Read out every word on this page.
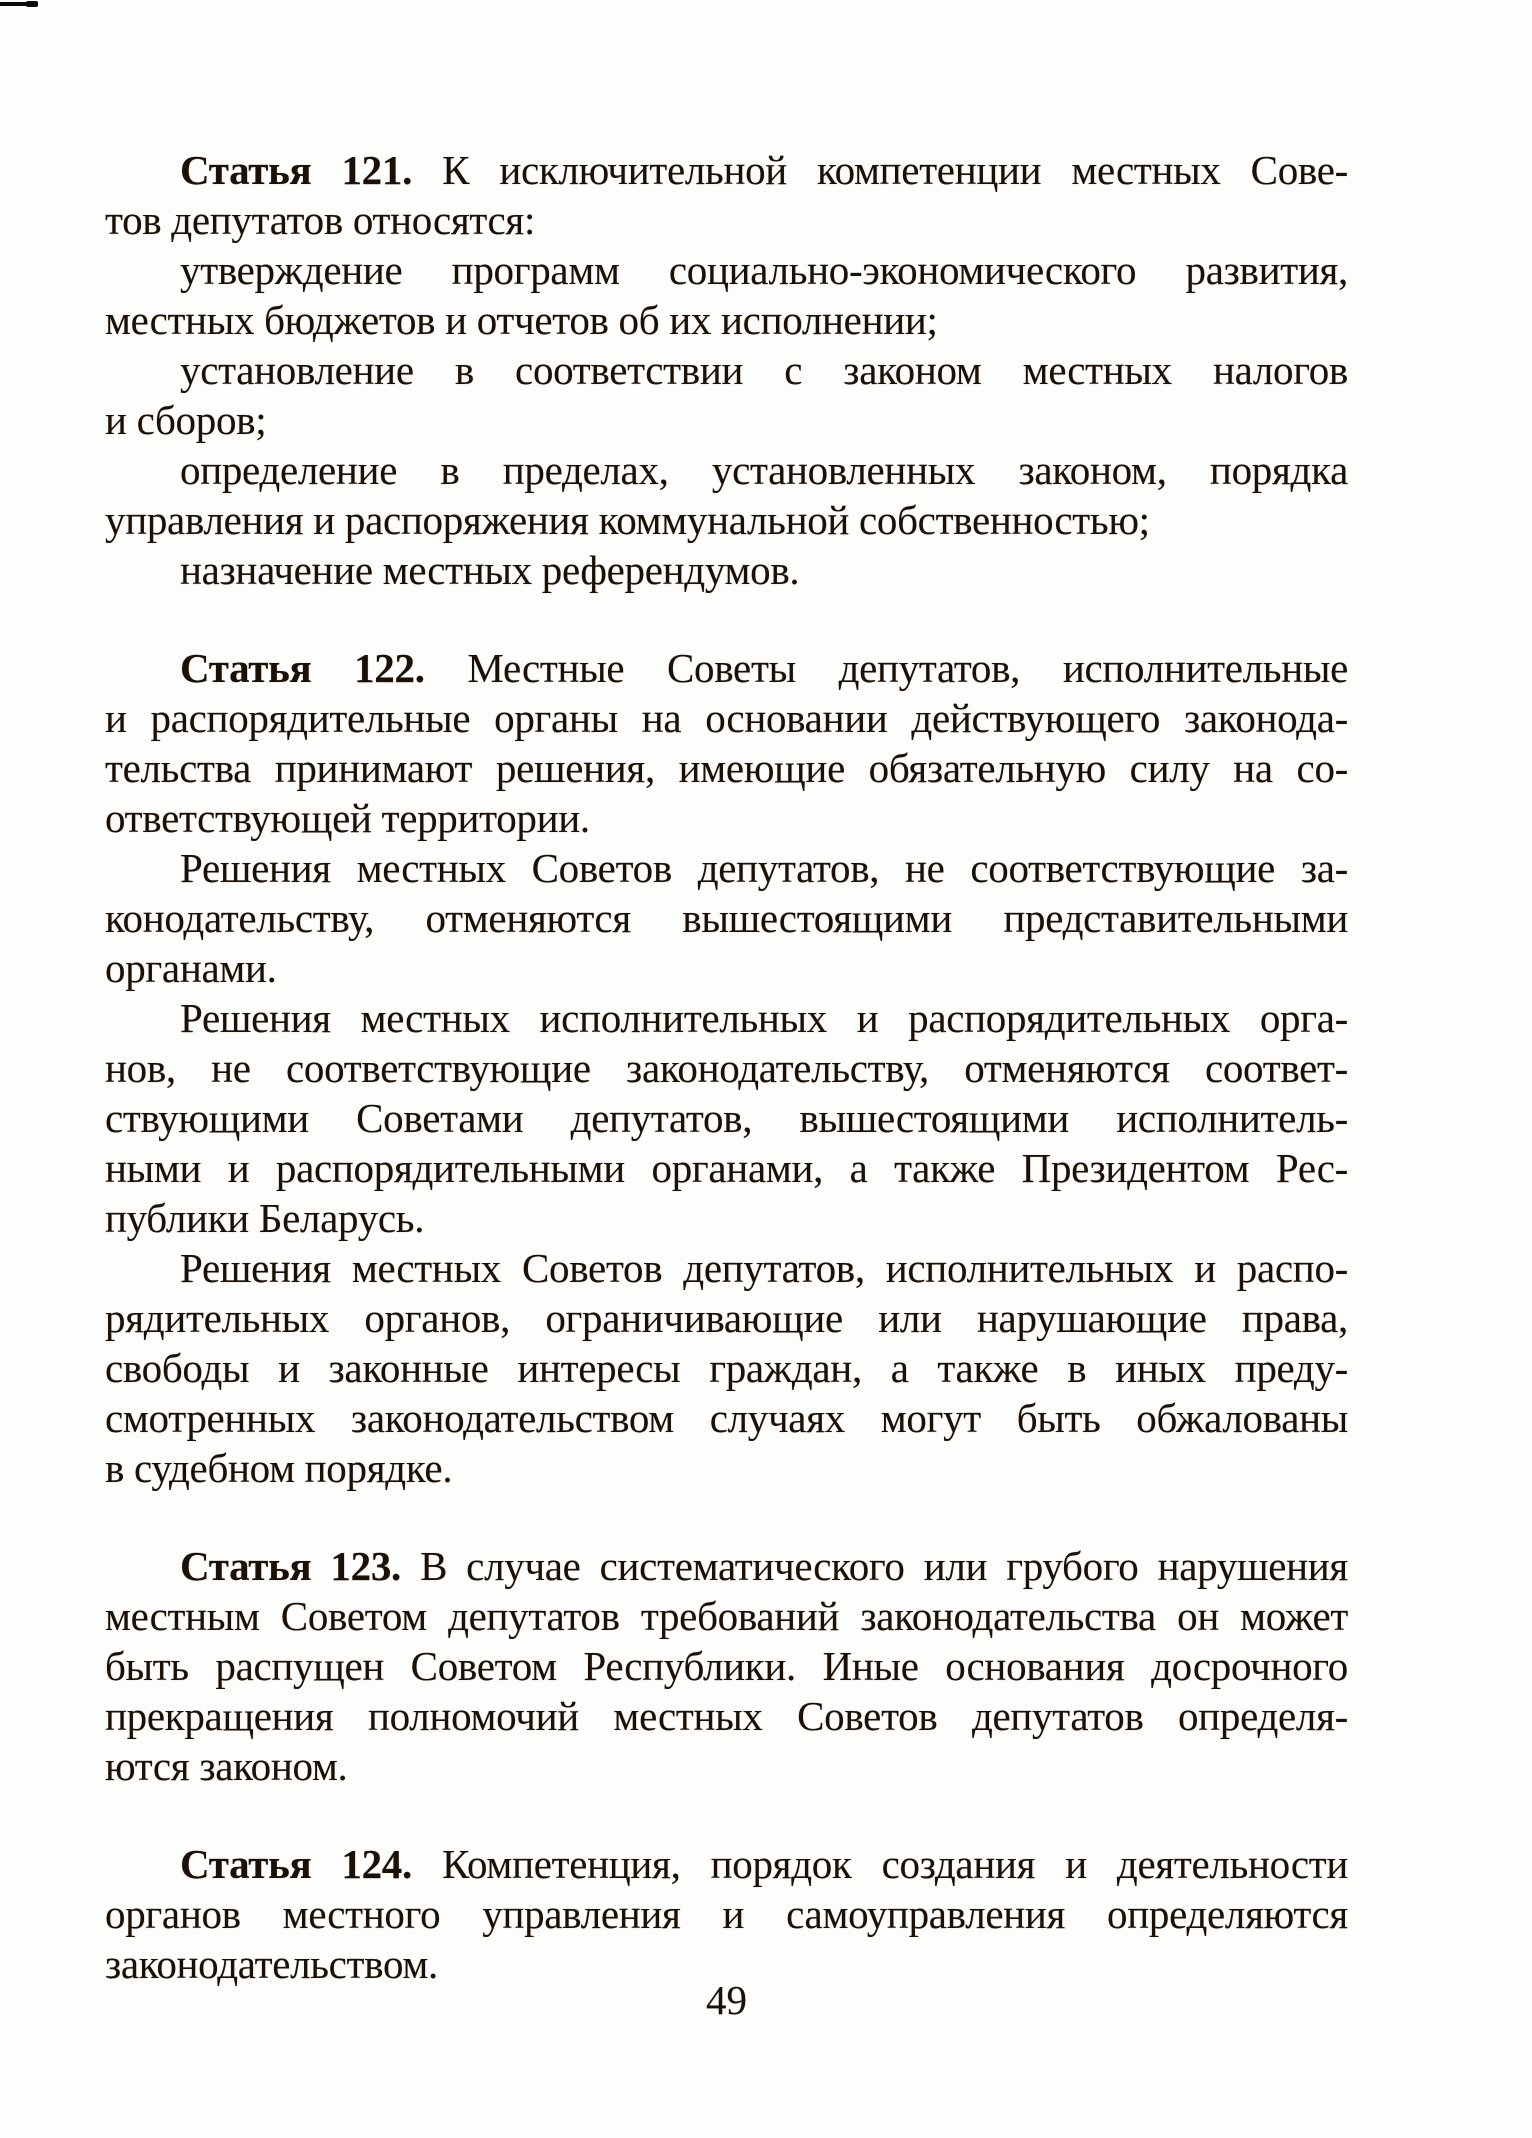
Статья 121. К исключительной компетенции местных Сове-
тов депутатов относятся:
утверждение программ социально-экономического развития,
местных бюджетов и отчетов об их исполнении;
установление в соответствии с законом местных налогов
и сборов;
определение в пределах, установленных законом, порядка
управления и распоряжения коммунальной собственностью;
назначение местных референдумов.
Статья 122. Местные Советы депутатов, исполнительные
и распорядительные органы на основании действующего законода-
тельства принимают решения, имеющие обязательную силу на со-
ответствующей территории.
Решения местных Советов депутатов, не соответствующие за-
конодательству, отменяются вышестоящими представительными
органами.
Решения местных исполнительных и распорядительных орга-
нов, не соответствующие законодательству, отменяются соответ-
ствующими Советами депутатов, вышестоящими исполнитель-
ными и распорядительными органами, а также Президентом Рес-
публики Беларусь.
Решения местных Советов депутатов, исполнительных и распо-
рядительных органов, ограничивающие или нарушающие права,
свободы и законные интересы граждан, а также в иных преду-
смотренных законодательством случаях могут быть обжалованы
в судебном порядке.
Статья 123. В случае систематического или грубого нарушения
местным Советом депутатов требований законодательства он может
быть распущен Советом Республики. Иные основания досрочного
прекращения полномочий местных Советов депутатов определя-
ются законом.
Статья 124. Компетенция, порядок создания и деятельности
органов местного управления и самоуправления определяются
законодательством.
49
